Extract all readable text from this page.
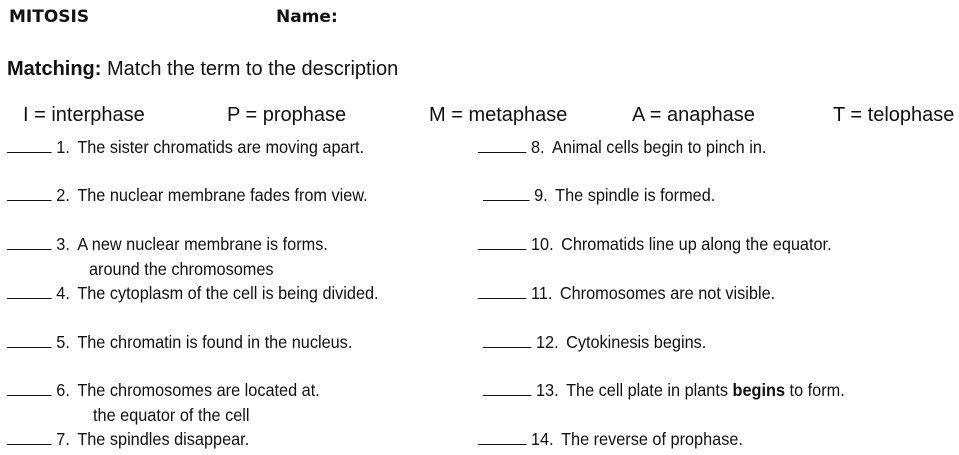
MITOSIS	Name:
Matching: Match the term to the description
I = interphase	P = prophase	M = metaphase	A = anaphase	T = telophase
1. The sister chromatids are moving apart.
2. The nuclear membrane fades from view.
3. A new nuclear membrane is forms.
around the chromosomes
4. The cytoplasm of the cell is being divided.
5. The chromatin is found in the nucleus.
6. The chromosomes are located at.
the equator of the cell
7. The spindles disappear.
8. Animal cells begin to pinch in.
9. The spindle is formed.
10. Chromatids line up along the equator.
11. Chromosomes are not visible.
12. Cytokinesis begins.
13. The cell plate in plants begins to form.
14. The reverse of prophase.
